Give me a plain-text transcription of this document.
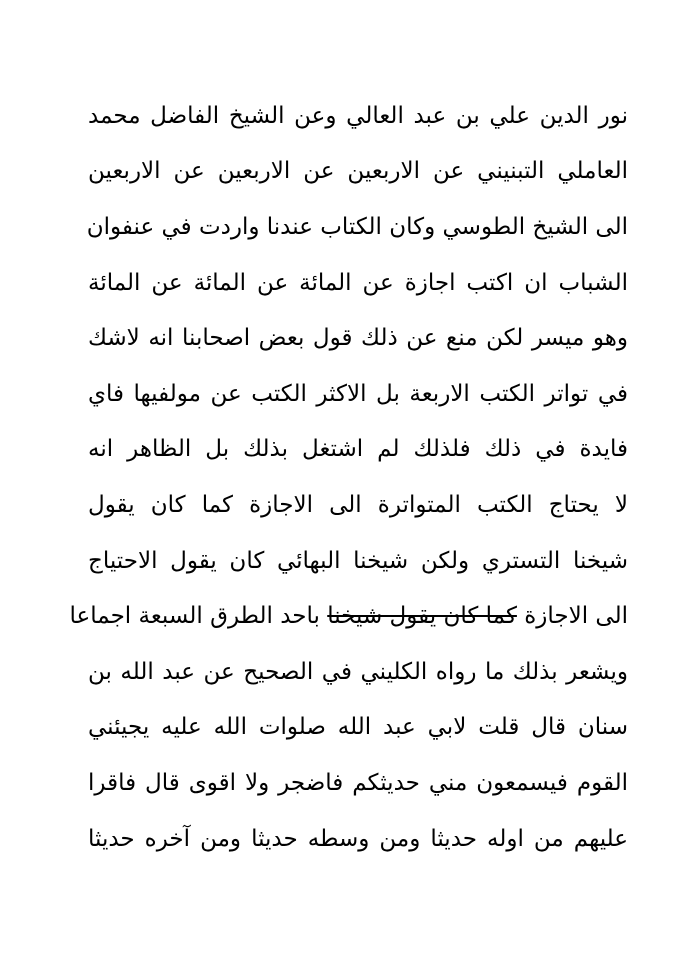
نور الدين علي بن عبد العالي وعن الشيخ الفاضل محمد
العاملي التبنيني عن الاربعين عن الاربعين عن الاربعين
الى الشيخ الطوسي وكان الكتاب عندنا واردت في عنفوان
الشباب ان اكتب اجازة عن المائة عن المائة عن المائة
وهو ميسر لكن منع عن ذلك قول بعض اصحابنا انه لاشك
في تواتر الكتب الاربعة بل الاكثر الكتب عن مولفيها فاي
فايدة في ذلك فلذلك لم اشتغل بذلك بل الظاهر انه
لا يحتاج الكتب المتواترة الى الاجازة كما كان يقول
شيخنا التستري ولكن شيخنا البهائي كان يقول الاحتياج
الى الاجازة كما كان يقول شيخنا باحد الطرق السبعة اجماعا
ويشعر بذلك ما رواه الكليني في الصحيح عن عبد الله بن
سنان قال قلت لابي عبد الله صلوات الله عليه يجيئني
القوم فيسمعون مني حديثكم فاضجر ولا اقوى قال فاقرا
عليهم من اوله حديثا ومن وسطه حديثا ومن آخره حديثا
